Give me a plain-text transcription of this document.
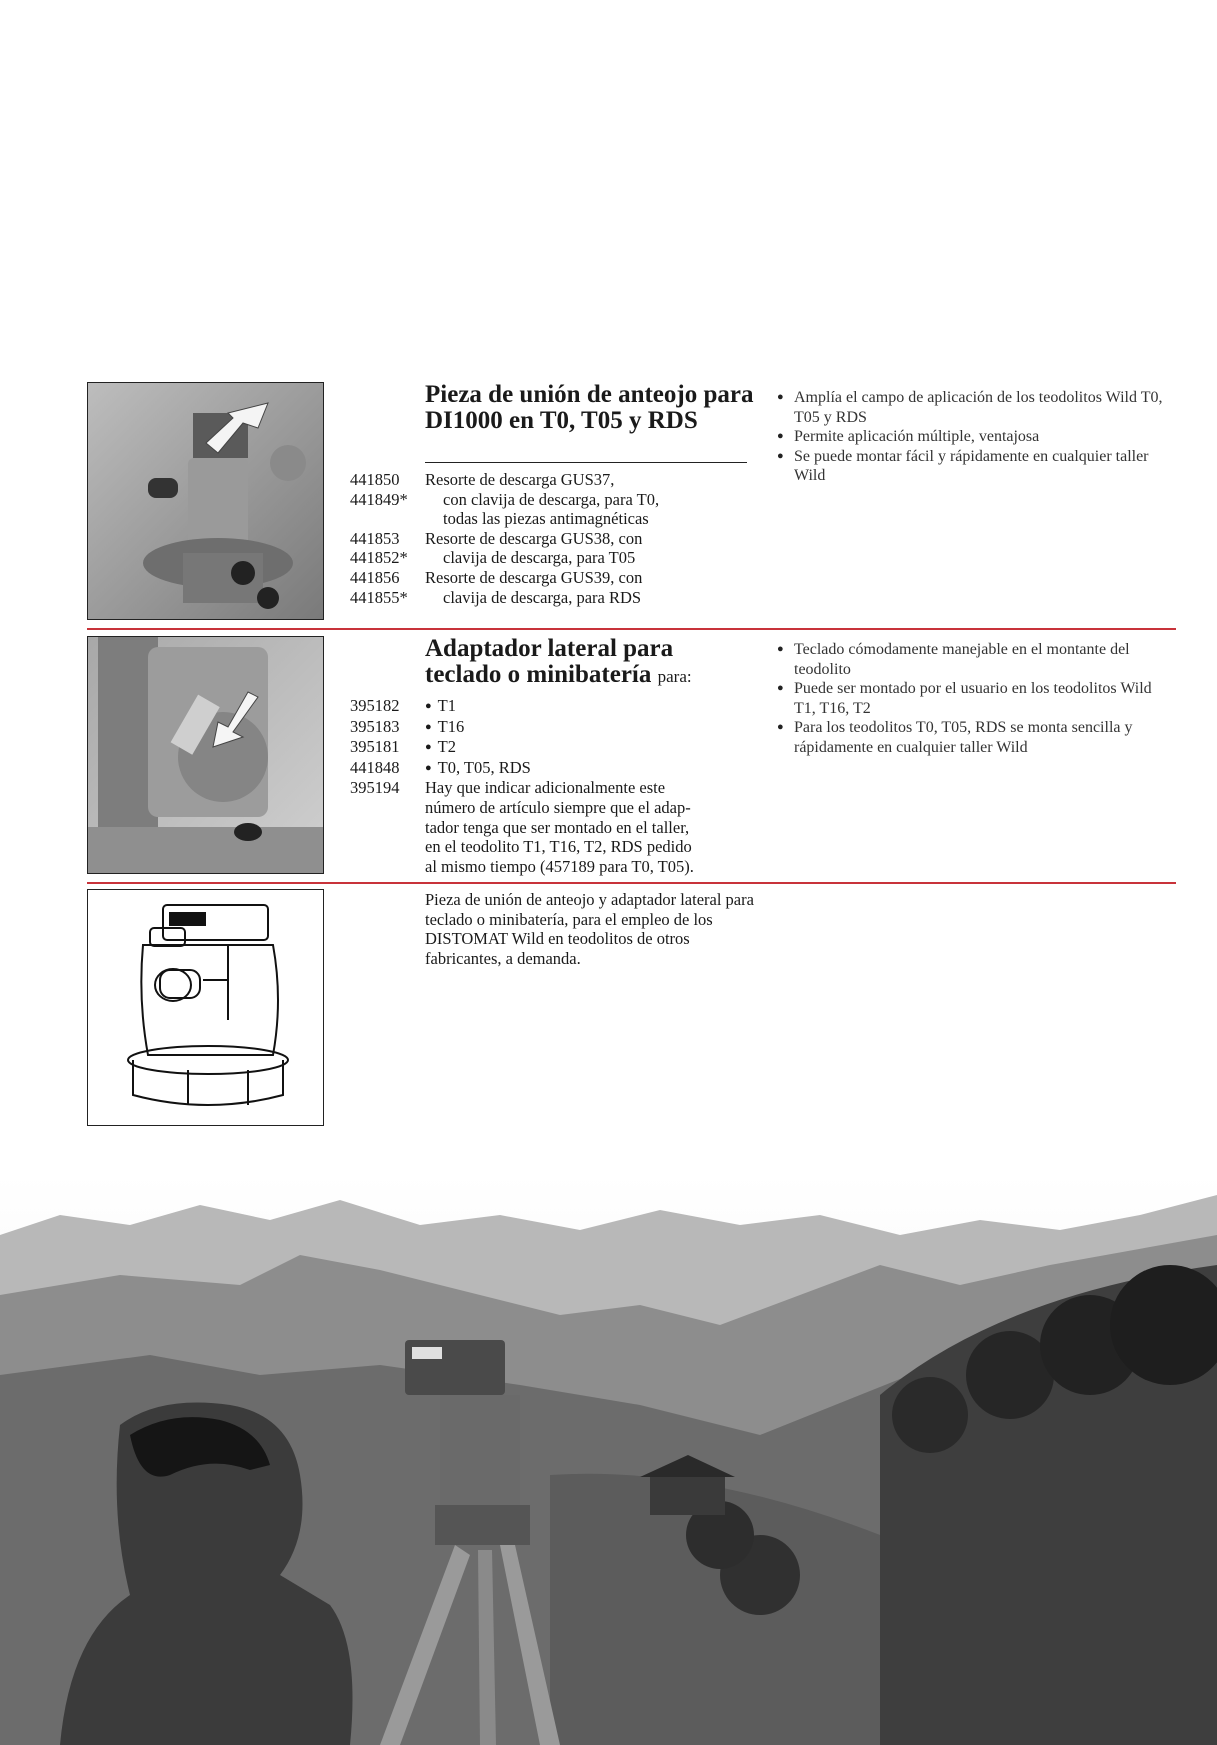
Pieza de unión de anteojo para DI1000 en T0, T05 y RDS
441850	Resorte de descarga GUS37,
441849*	con clavija de descarga, para T0,
todas las piezas antimagnéticas
441853	Resorte de descarga GUS38, con
441852*	clavija de descarga, para T05
441856	Resorte de descarga GUS39, con
441855*	clavija de descarga, para RDS
● Amplía el campo de aplicación de los teodolitos Wild T0, T05 y RDS
● Permite aplicación múltiple, ventajosa
● Se puede montar fácil y rápidamente en cualquier taller Wild
Adaptador lateral para teclado o minibatería para:
395182	● T1
395183	● T16
395181	● T2
441848	● T0, T05, RDS
395194	Hay que indicar adicionalmente este
número de artículo siempre que el adap-
tador tenga que ser montado en el taller,
en el teodolito T1, T16, T2, RDS pedido
al mismo tiempo (457189 para T0, T05).
● Teclado cómodamente manejable en el montante del teodolito
● Puede ser montado por el usuario en los teodolitos Wild T1, T16, T2
● Para los teodolitos T0, T05, RDS se monta sencilla y rápidamente en cualquier taller Wild

Pieza de unión de anteojo y adaptador lateral para teclado o minibatería, para el empleo de los DISTOMAT Wild en teodolitos de otros fabricantes, a demanda.
